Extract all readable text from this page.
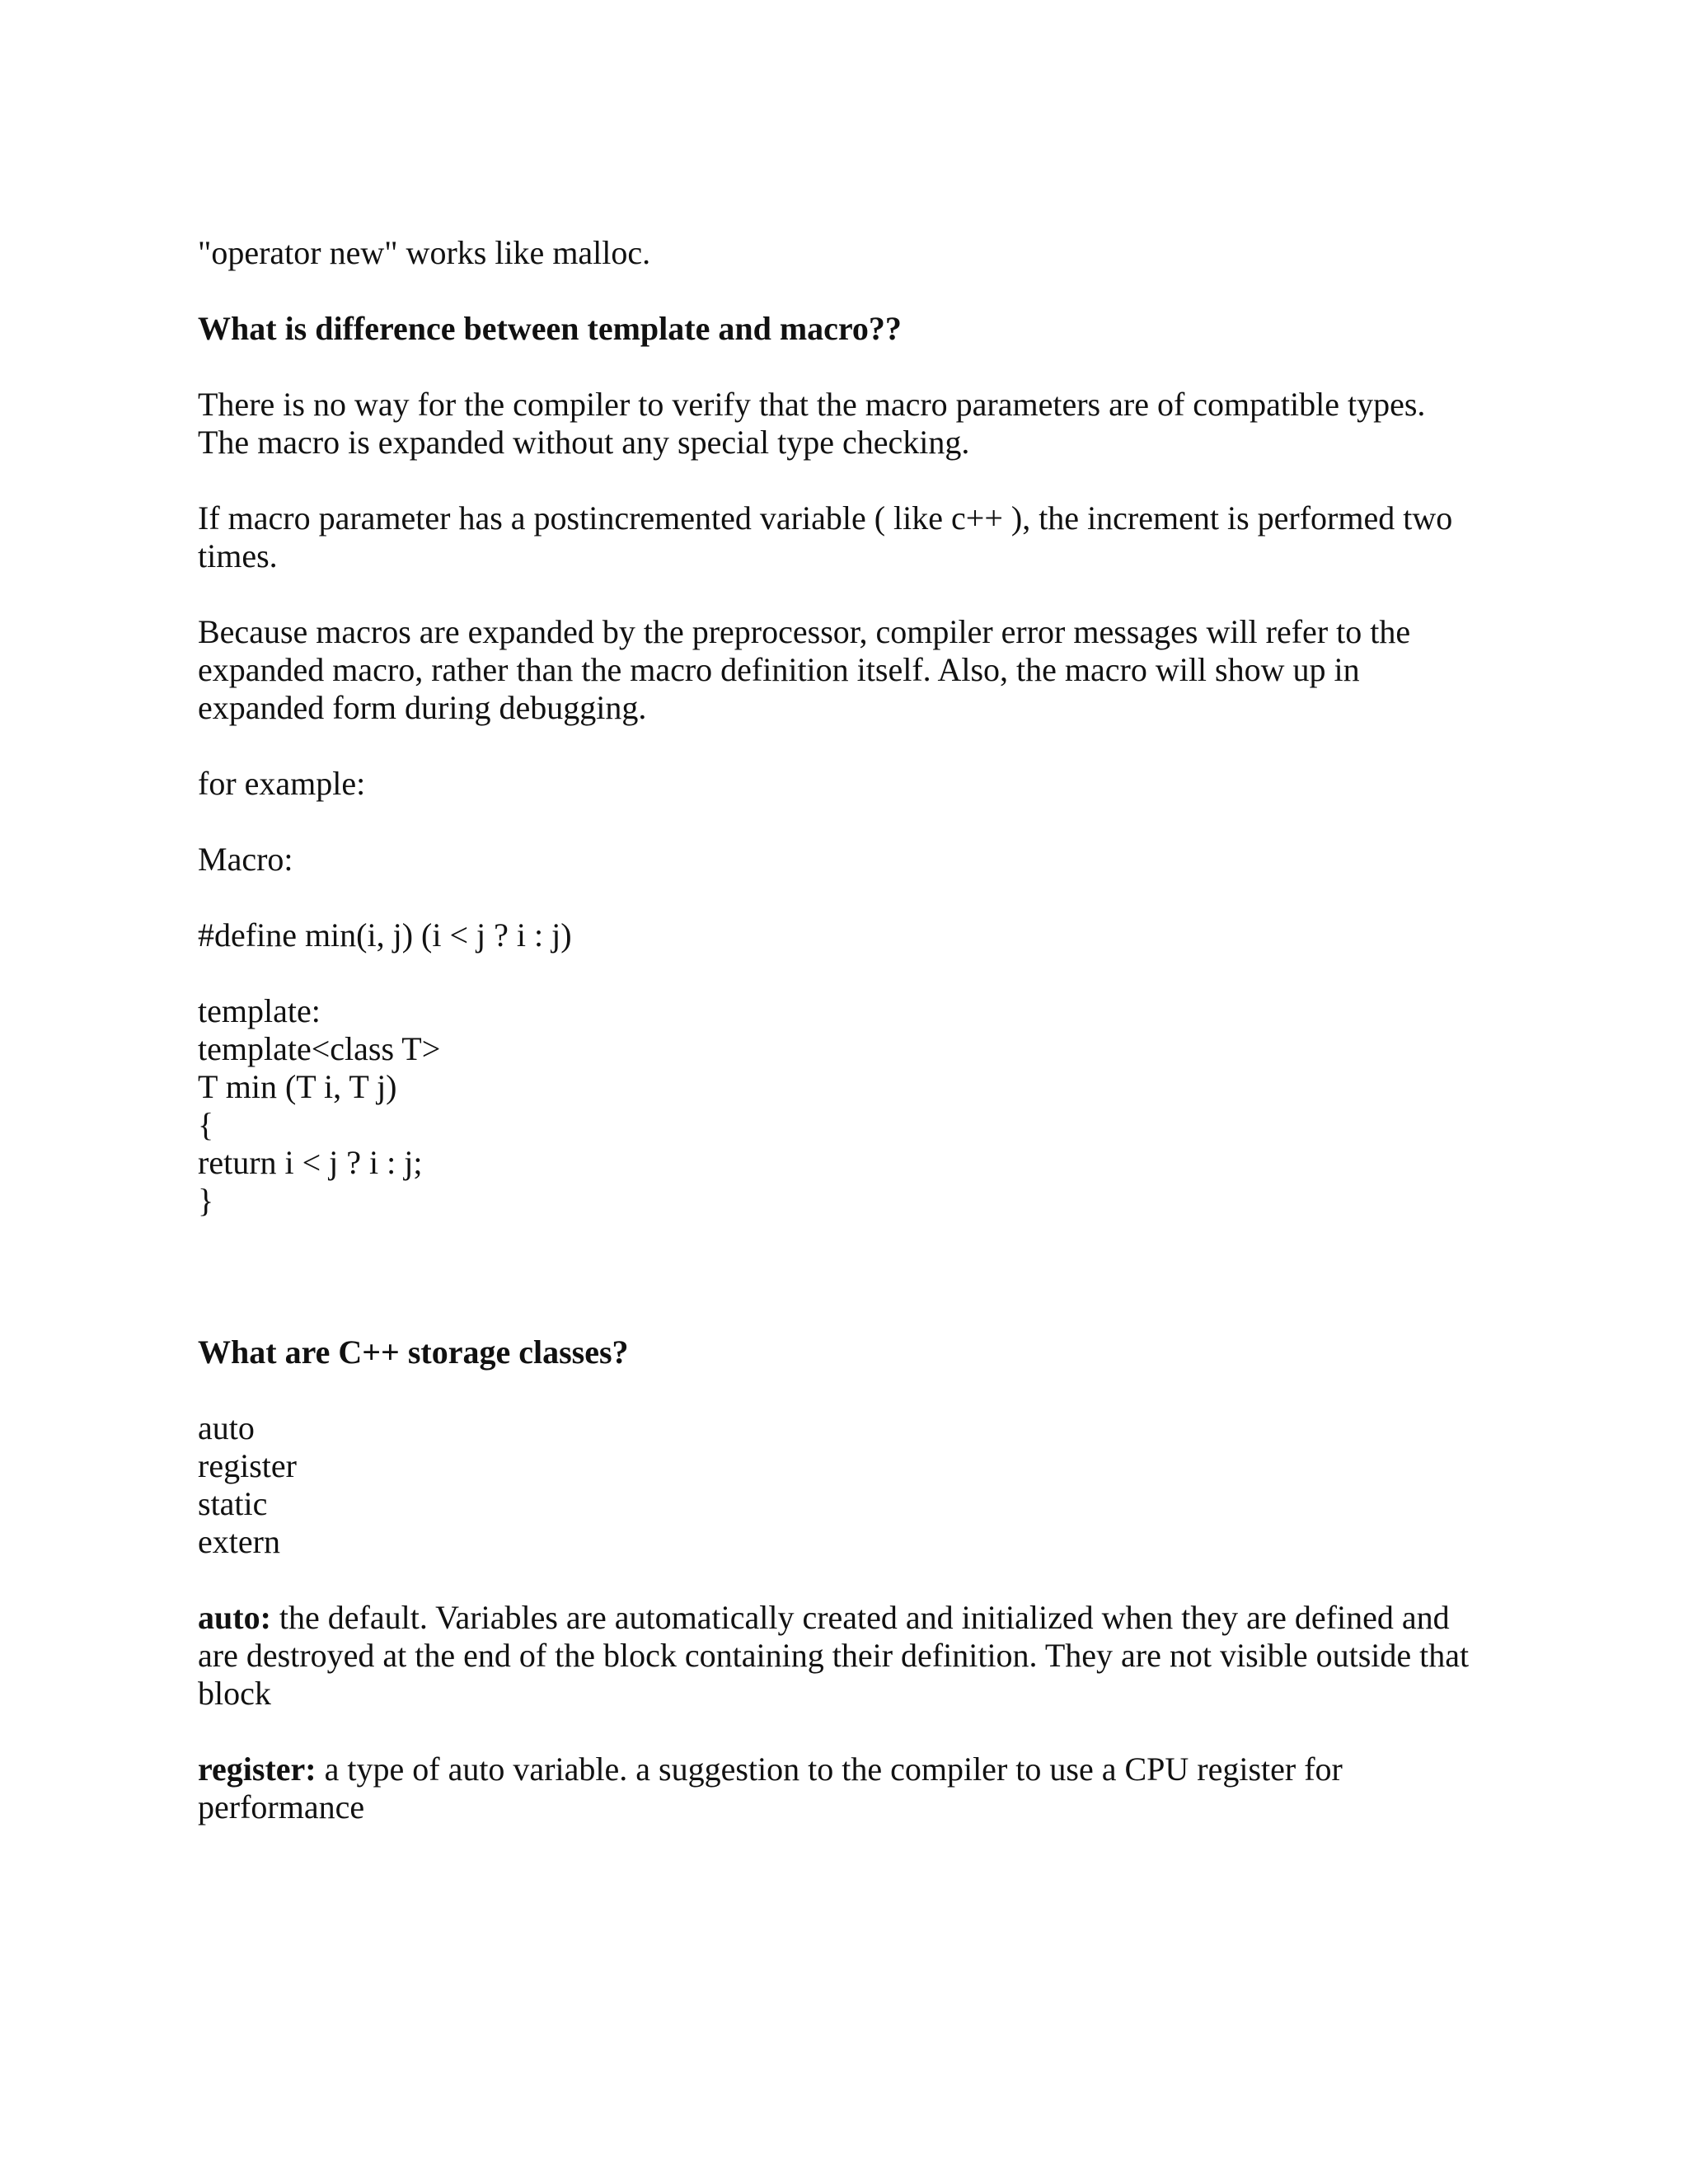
"operator new" works like malloc.
What is difference between template and macro??
There is no way for the compiler to verify that the macro parameters are of compatible types.
The macro is expanded without any special type checking.
If macro parameter has a postincremented variable ( like c++ ), the increment is performed two
times.
Because macros are expanded by the preprocessor, compiler error messages will refer to the
expanded macro, rather than the macro definition itself. Also, the macro will show up in
expanded form during debugging.
for example:
Macro:
#define min(i, j) (i < j ? i : j)
template:
template<class T>
T min (T i, T j)
{
return i < j ? i : j;
}
What are C++ storage classes?
auto
register
static
extern
auto: the default. Variables are automatically created and initialized when they are defined and
are destroyed at the end of the block containing their definition. They are not visible outside that
block
register: a type of auto variable. a suggestion to the compiler to use a CPU register for
performance
